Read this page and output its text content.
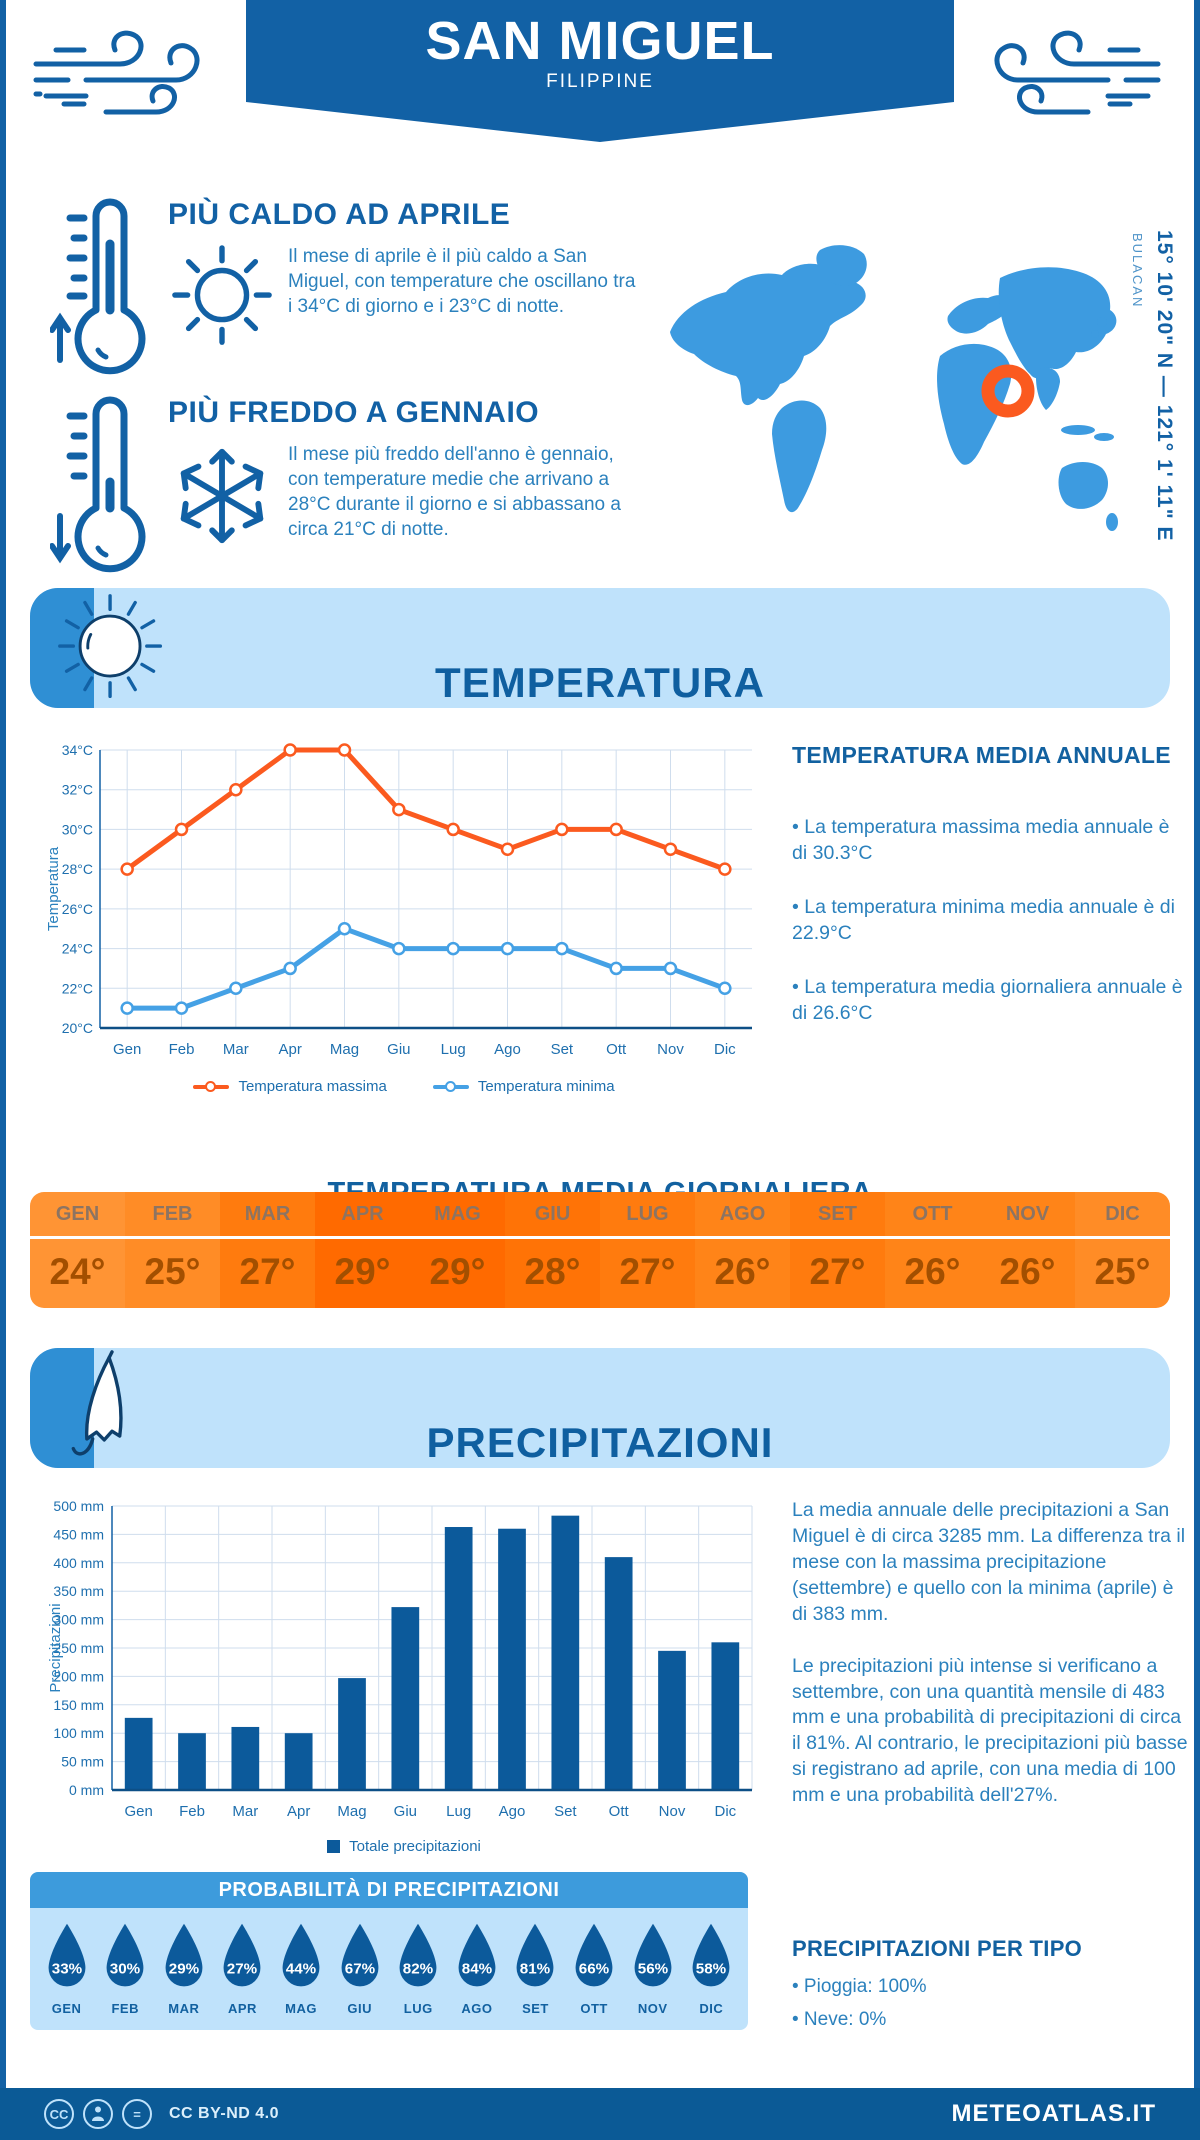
SAN MIGUEL
FILIPPINE
PIÙ CALDO AD APRILE

Il mese di aprile è il più caldo a San Miguel, con temperature che oscillano tra i 34°C di giorno e i 23°C di notte.

PIÙ FREDDO A GENNAIO

Il mese più freddo dell'anno è gennaio, con temperature medie che arrivano a 28°C durante il giorno e si abbassano a circa 21°C di notte.	15° 10' 20" N — 121° 1' 11" E
BULACAN
TEMPERATURA
20°C
22°C
24°C
26°C
28°C
30°C
32°C
34°C
Gen Feb Mar Apr Mag Giu Lug Ago Set Ott Nov Dic
Temperatura
Temperatura massima	Temperatura minima
TEMPERATURA MEDIA ANNUALE
• La temperatura massima media annuale è di 30.3°C
• La temperatura minima media annuale è di 22.9°C
• La temperatura media giornaliera annuale è di 26.6°C
GEN
24°
FEB
25°
MAR
27°
APR
29°
MAG
29°
GIU
28°
LUG
27°
AGO
26°
SET
27°
OTT
26°
NOV
26°
DIC
25°
PRECIPITAZIONI
0 mm
50 mm
100 mm
150 mm
200 mm
250 mm
300 mm
350 mm
400 mm
450 mm
500 mm
Gen Feb Mar Apr Mag Giu Lug Ago Set Ott Nov Dic
Precipitazioni
Totale precipitazioni

La media annuale delle precipitazioni a San Miguel è di circa 3285 mm. La differenza tra il mese con la massima precipitazione (settembre) e quello con la minima (aprile) è di 383 mm.

Le precipitazioni più intense si verificano a settembre, con una quantità mensile di 483 mm e una probabilità di precipitazioni di circa il 81%. Al contrario, le precipitazioni più basse si registrano ad aprile, con una media di 100 mm e una probabilità dell'27%.

PROBABILITÀ DI PRECIPITAZIONI
33%
GEN
30%
FEB
29%
MAR
27%
APR
44%
MAG
67%
GIU
82%
LUG
84%
AGO
81%
SET
66%
OTT
56%
NOV
58%
DIC
PRECIPITAZIONI PER TIPO
• Pioggia: 100%
• Neve: 0%
CC	=	CC BY-ND 4.0	METEOATLAS.IT
